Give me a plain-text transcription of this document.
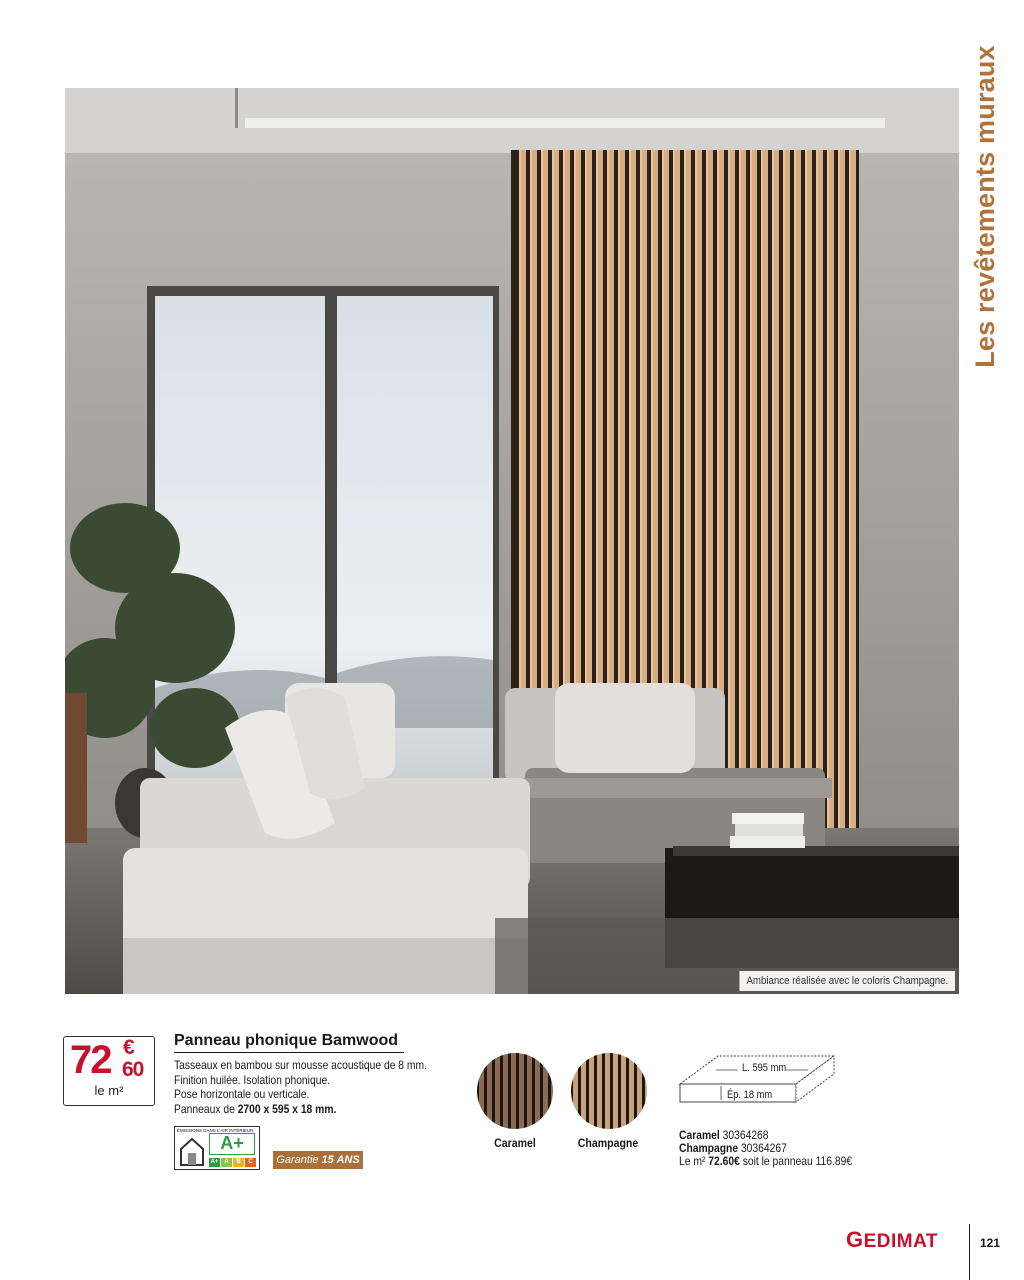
Les revêtements muraux
Ambiance réalisée avec le coloris Champagne.
72 €
60
le m²
Panneau phonique Bamwood
Tasseaux en bambou sur mousse acoustique de 8 mm.
Finition huilée. Isolation phonique.
Pose horizontale ou verticale.
Panneaux de 2700 x 595 x 18 mm.
ÉMISSIONS DANS L'AIR INTÉRIEUR
A+
A+ A	B	C	Garantie 15 ANS
Caramel	Champagne
L. 595 mm
Ép. 18 mm
Caramel 30364268
Champagne 30364267
Le m² 72.60€ soit le panneau 116.89€
GEDIMAT	121
